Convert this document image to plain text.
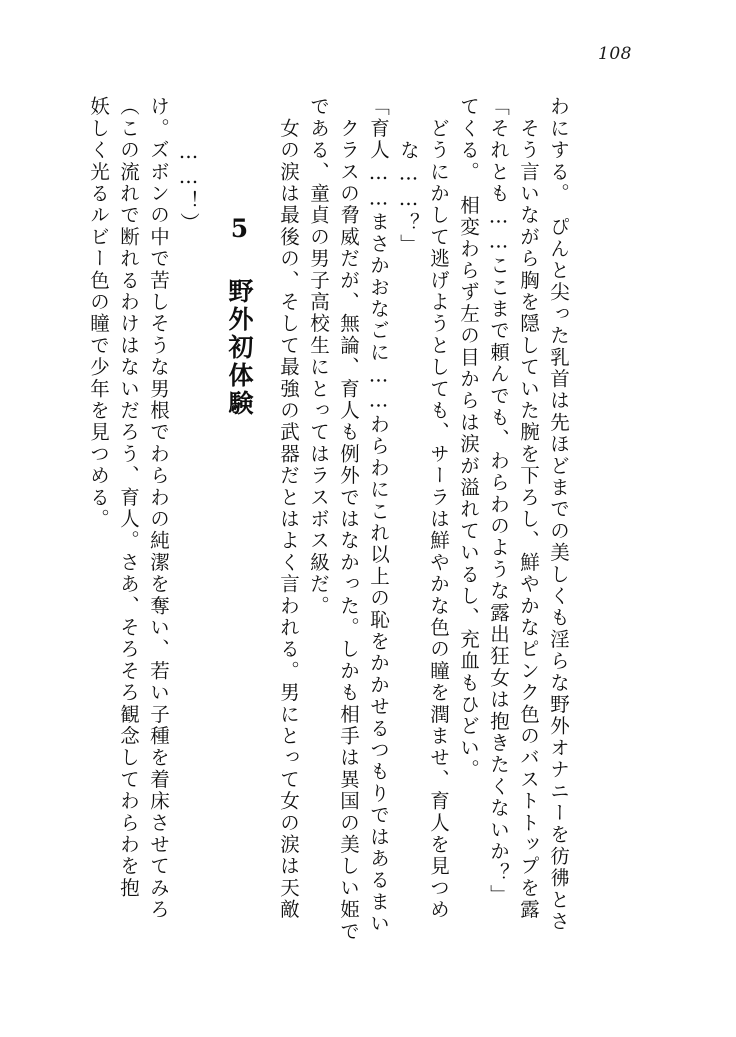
108
妖しく光るルビー色の瞳で少年を見つめる。 （この流れで断れるわけはないだろう、育人。さあ、そろそろ観念してわらわを抱 け。ズボンの中で苦しそうな男根でわらわの純潔を奪い、若い子種を着床させてみろ ……！）
5 野外初体験	　女の涙は最後の、そして最強の武器だとはよく言われる。男にとって女の涙は天敵 である、童貞の男子高校生にとってはラスボス級だ。 　クラスの脅威だが、無論、育人も例外ではなかった。しかも相手は異国の美しい姫で 「育人……まさかおなごに……わらわにこれ以上の恥をかかせるつもりではあるまい な……？」 　どうにかして逃げようとしても、サーラは鮮やかな色の瞳を潤ませ、育人を見つめ てくる。　相変わらず左の目からは涙が溢れているし、充血もひどい。 「それとも……ここまで頼んでも、わらわのような露出狂女は抱きたくないか？」 　そう言いながら胸を隠していた腕を下ろし、鮮やかなピンク色のバストトップを露 わにする。　ぴんと尖った乳首は先ほどまでの美しくも淫らな野外オナニーを彷彿とさ
